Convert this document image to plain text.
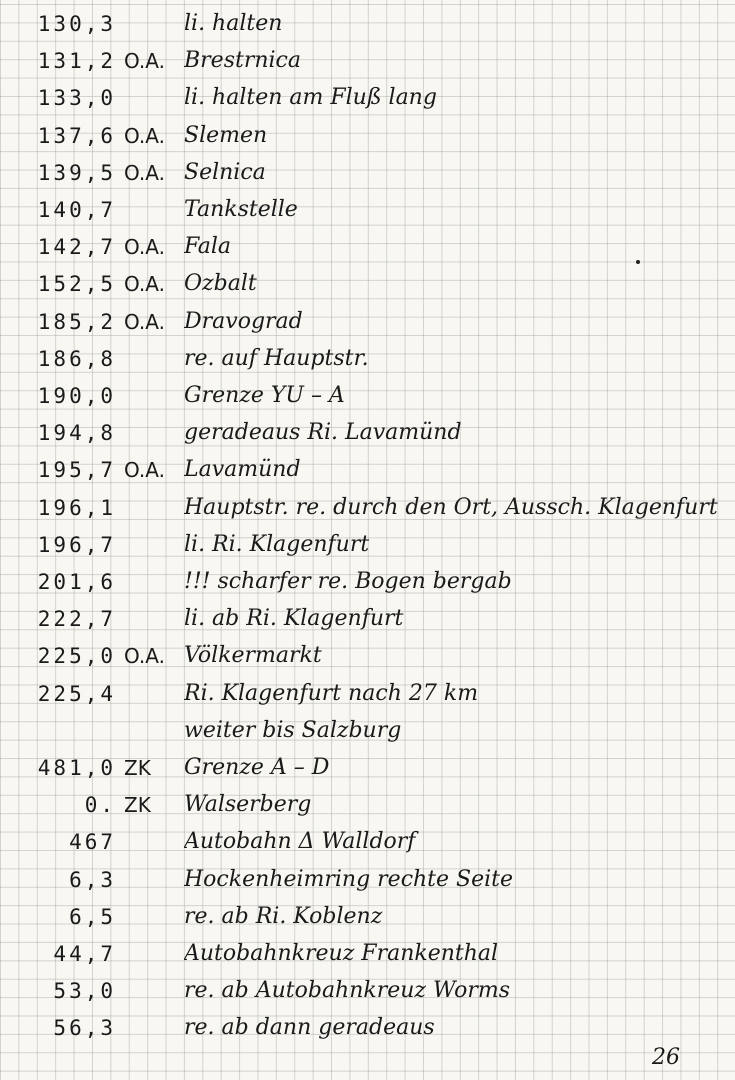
130,3	li. halten
131,2 O.A. Brestrnica
133,0	li. halten am Fluß lang
137,6 O.A. Slemen
139,5 O.A. Selnica
140,7	Tankstelle
142,7 O.A. Fala
152,5 O.A. Ozbalt
185,2 O.A. Dravograd
186,8	re. auf Hauptstr.
190,0	Grenze YU – A
194,8	geradeaus Ri. Lavamünd
195,7 O.A. Lavamünd
196,1	Hauptstr. re. durch den Ort, Aussch. Klagenfurt
196,7	li. Ri. Klagenfurt
201,6	!!! scharfer re. Bogen bergab
222,7	li. ab Ri. Klagenfurt
225,0 O.A. Völkermarkt
225,4	Ri. Klagenfurt nach 27 km
weiter bis Salzburg
481,0 ZK	Grenze A – D
0. ZK	Walserberg
467	Autobahn Δ Walldorf
6,3	Hockenheimring rechte Seite
6,5	re. ab Ri. Koblenz
44,7	Autobahnkreuz Frankenthal
53,0	re. ab Autobahnkreuz Worms
56,3	re. ab dann geradeaus
26
